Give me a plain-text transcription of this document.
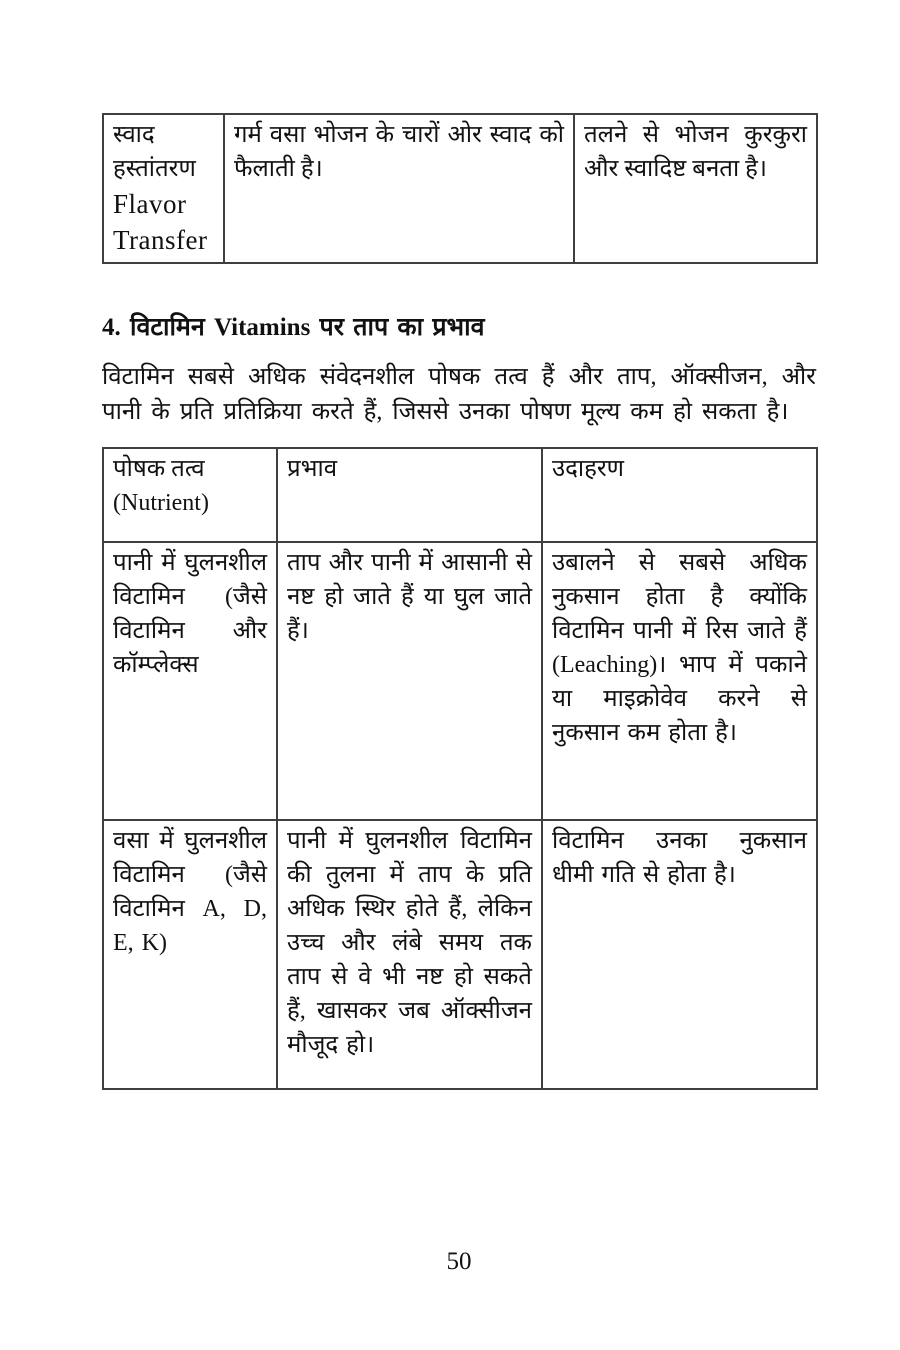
स्वाद हस्तांतरण
Flavor
Transfer
	गर्म वसा भोजन के चारों ओर स्वाद को फैलाती है।	तलने से भोजन कुरकुरा और स्वादिष्ट बनता है।
4. विटामिन Vitamins पर ताप का प्रभाव

विटामिन सबसे अधिक संवेदनशील पोषक तत्व हैं और ताप, ऑक्सीजन, और पानी के प्रति प्रतिक्रिया करते हैं, जिससे उनका पोषण मूल्य कम हो सकता है।

पोषक तत्व
(Nutrient)	प्रभाव	उदाहरण
पानी में घुलनशील विटामिन (जैसे विटामिन और कॉम्प्लेक्स	ताप और पानी में आसानी से नष्ट हो जाते हैं या घुल जाते हैं।	उबालने से सबसे अधिक नुकसान होता है क्योंकि विटामिन पानी में रिस जाते हैं (Leaching)। भाप में पकाने या माइक्रोवेव करने से नुकसान कम होता है।
वसा में घुलनशील विटामिन (जैसे विटामिन A, D, E, K)	पानी में घुलनशील विटामिन की तुलना में ताप के प्रति अधिक स्थिर होते हैं, लेकिन उच्च और लंबे समय तक ताप से वे भी नष्ट हो सकते हैं, खासकर जब ऑक्सीजन मौजूद हो।	विटामिन उनका नुकसान धीमी गति से होता है।
50
